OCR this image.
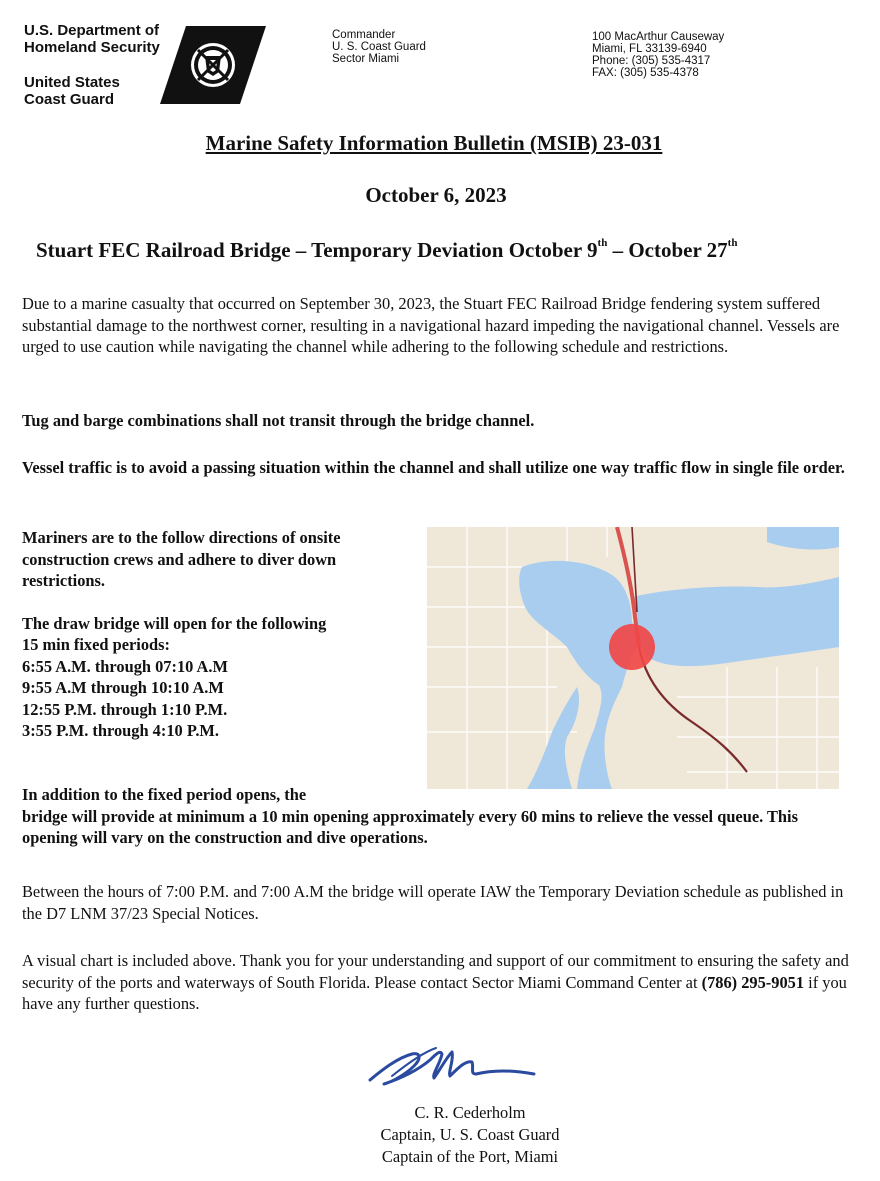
U.S. Department of
Homeland Security
United States
Coast Guard
Commander
U. S. Coast Guard
Sector Miami
100 MacArthur Causeway
Miami, FL 33139-6940
Phone: (305) 535-4317
FAX: (305) 535-4378
Marine Safety Information Bulletin (MSIB) 23-031
October 6, 2023
Stuart FEC Railroad Bridge – Temporary Deviation October 9th – October 27th
Due to a marine casualty that occurred on September 30, 2023, the Stuart FEC Railroad Bridge fendering system suffered substantial damage to the northwest corner, resulting in a navigational hazard impeding the navigational channel. Vessels are urged to use caution while navigating the channel while adhering to the following schedule and restrictions.
Tug and barge combinations shall not transit through the bridge channel.
Vessel traffic is to avoid a passing situation within the channel and shall utilize one way traffic flow in single file order.
Mariners are to the follow directions of onsite construction crews and adhere to diver down restrictions.
The draw bridge will open for the following
15 min fixed periods:
6:55 A.M. through 07:10 A.M
9:55 A.M through 10:10 A.M
12:55 P.M. through 1:10 P.M.
3:55 P.M. through 4:10 P.M.
In addition to the fixed period opens, the
bridge will provide at minimum a 10 min opening approximately every 60 mins to relieve the vessel queue. This opening will vary on the construction and dive operations.
Between the hours of 7:00 P.M. and 7:00 A.M the bridge will operate IAW the Temporary Deviation schedule as published in the D7 LNM 37/23 Special Notices.
A visual chart is included above. Thank you for your understanding and support of our commitment to ensuring the safety and security of the ports and waterways of South Florida. Please contact Sector Miami Command Center at (786) 295-9051 if you have any further questions.
C. R. Cederholm
Captain, U. S. Coast Guard
Captain of the Port, Miami
